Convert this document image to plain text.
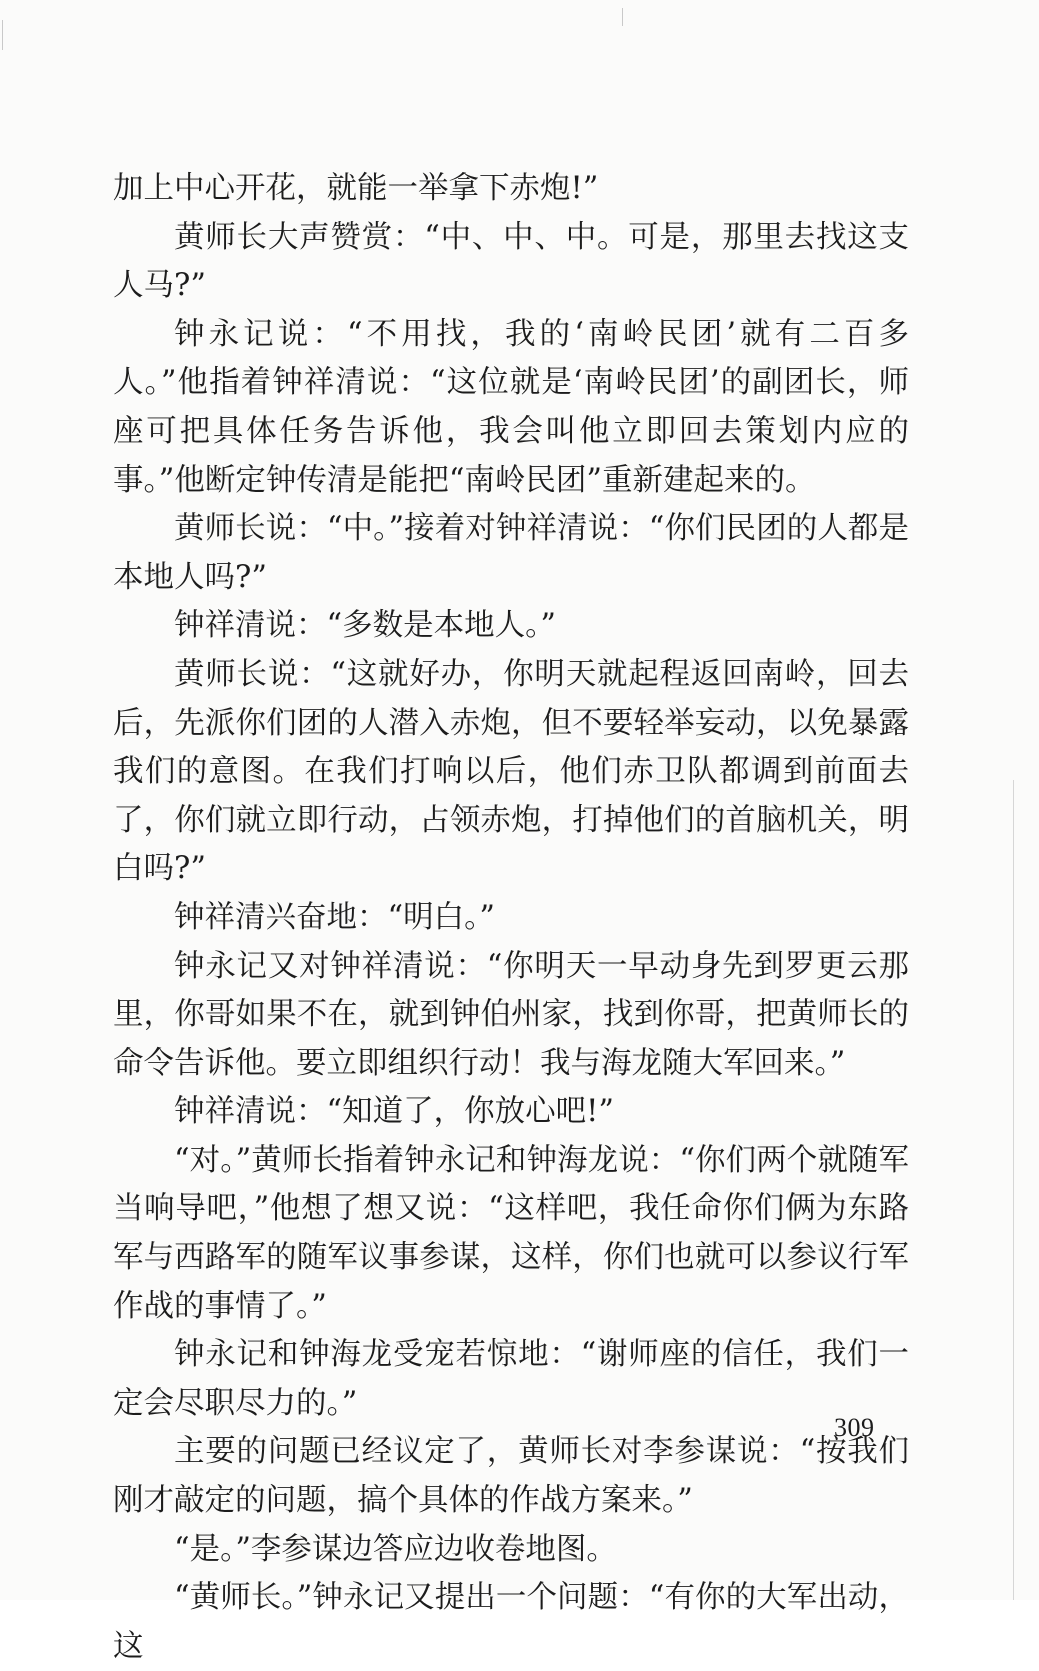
加上中心开花，就能一举拿下赤炮!”

黄师长大声赞赏：“中、中、中。可是，那里去找这支人马?”

钟永记说：“不用找，我的‘南岭民团’就有二百多人。”他指着钟祥清说：“这位就是‘南岭民团’的副团长，师座可把具体任务告诉他，我会叫他立即回去策划内应的事。”他断定钟传清是能把“南岭民团”重新建起来的。

黄师长说：“中。”接着对钟祥清说：“你们民团的人都是本地人吗?”

钟祥清说：“多数是本地人。”

黄师长说：“这就好办，你明天就起程返回南岭，回去后，先派你们团的人潜入赤炮，但不要轻举妄动，以免暴露我们的意图。在我们打响以后，他们赤卫队都调到前面去了，你们就立即行动，占领赤炮，打掉他们的首脑机关，明白吗?”

钟祥清兴奋地：“明白。”

钟永记又对钟祥清说：“你明天一早动身先到罗更云那里，你哥如果不在，就到钟伯州家，找到你哥，把黄师长的命令告诉他。要立即组织行动！我与海龙随大军回来。”

钟祥清说：“知道了，你放心吧!”

“对。”黄师长指着钟永记和钟海龙说：“你们两个就随军当响导吧，”他想了想又说：“这样吧，我任命你们俩为东路军与西路军的随军议事参谋，这样，你们也就可以参议行军作战的事情了。”

钟永记和钟海龙受宠若惊地：“谢师座的信任，我们一定会尽职尽力的。”

主要的问题已经议定了，黄师长对李参谋说：“按我们刚才敲定的问题，搞个具体的作战方案来。”

“是。”李参谋边答应边收卷地图。

“黄师长。”钟永记又提出一个问题：“有你的大军出动，这

309
